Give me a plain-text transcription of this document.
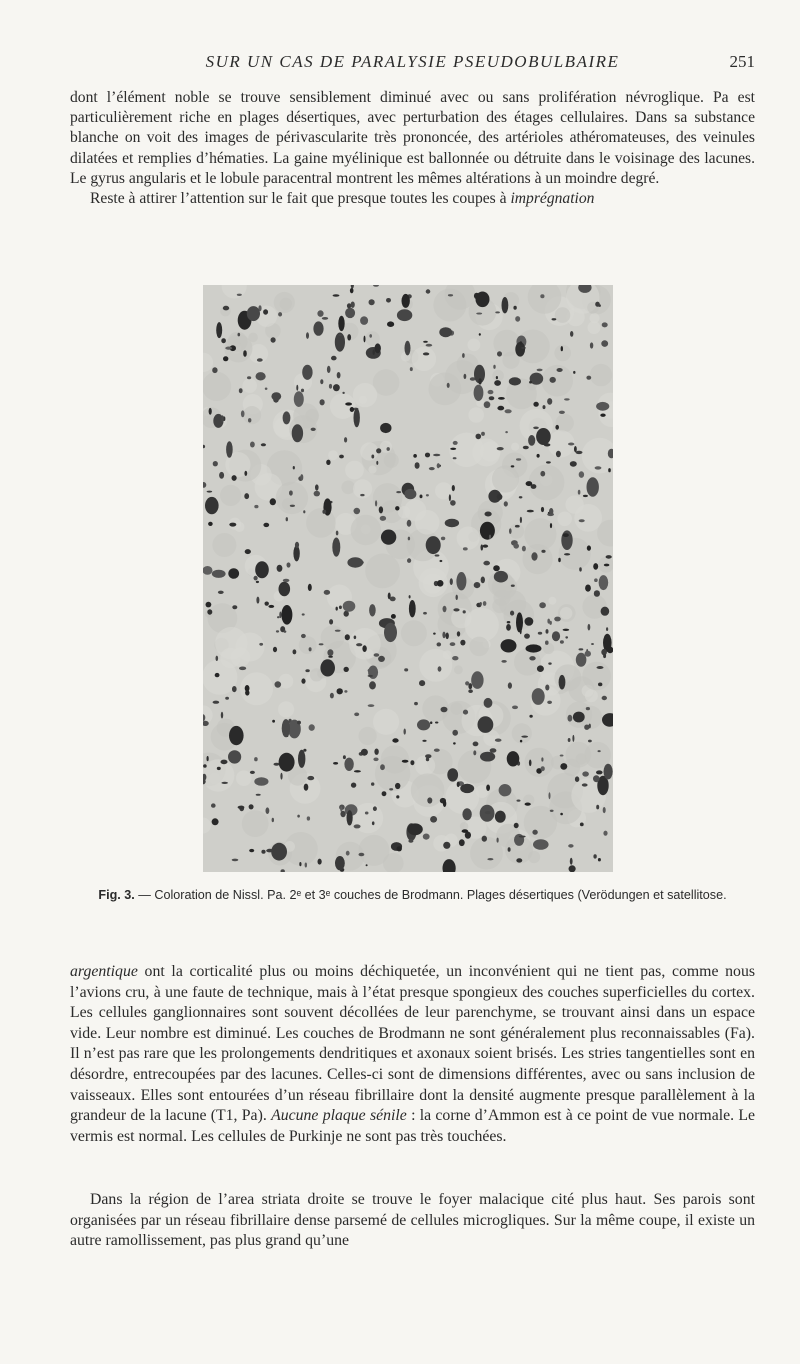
SUR UN CAS DE PARALYSIE PSEUDOBULBAIRE	251

dont l’élément noble se trouve sensiblement diminué avec ou sans prolifération névroglique. Pa est particulièrement riche en plages désertiques, avec perturbation des étages cellulaires. Dans sa substance blanche on voit des images de périvascularite très prononcée, des artérioles athéromateuses, des veinules dilatées et remplies d’hématies. La gaine myélinique est ballonnée ou détruite dans le voisinage des lacunes. Le gyrus angularis et le lobule paracentral montrent les mêmes altérations à un moindre degré.
Reste à attirer l’attention sur le fait que presque toutes les coupes à imprégnation

Fig. 3. — Coloration de Nissl. Pa. 2ᵉ et 3ᵉ couches de Brodmann. Plages désertiques (Verödungen et satellitose.

argentique ont la corticalité plus ou moins déchiquetée, un inconvénient qui ne tient pas, comme nous l’avions cru, à une faute de technique, mais à l’état presque spongieux des couches superficielles du cortex. Les cellules ganglionnaires sont souvent décollées de leur parenchyme, se trouvant ainsi dans un espace vide. Leur nombre est diminué. Les couches de Brodmann ne sont généralement plus reconnaissables (Fa). Il n’est pas rare que les prolongements dendritiques et axonaux soient brisés. Les stries tangentielles sont en désordre, entrecoupées par des lacunes. Celles-ci sont de dimensions différentes, avec ou sans inclusion de vaisseaux. Elles sont entourées d’un réseau fibrillaire dont la densité augmente presque parallèlement à la grandeur de la lacune (T1, Pa). Aucune plaque sénile : la corne d’Ammon est à ce point de vue normale. Le vermis est normal. Les cellules de Purkinje ne sont pas très touchées.

Dans la région de l’area striata droite se trouve le foyer malacique cité plus haut. Ses parois sont organisées par un réseau fibrillaire dense parsemé de cellules microgliques. Sur la même coupe, il existe un autre ramollissement, pas plus grand qu’une
